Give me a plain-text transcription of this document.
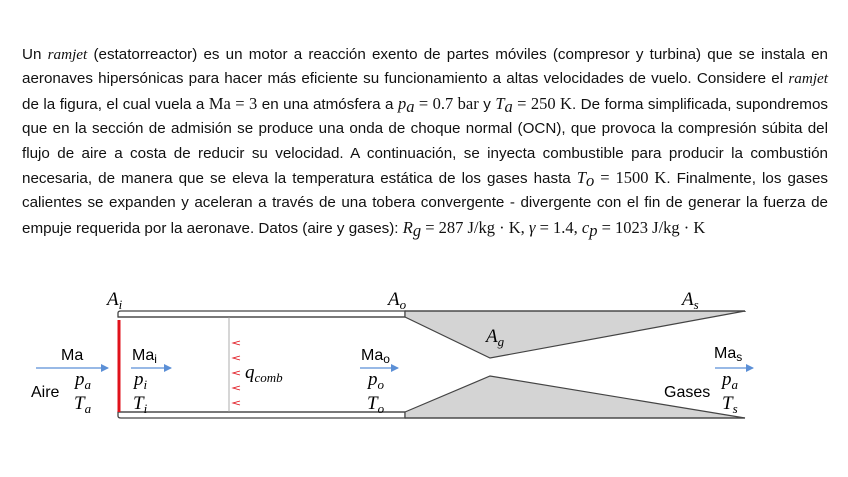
Un ramjet (estatorreactor) es un motor a reacción exento de partes móviles (compresor y turbina) que se instala en aeronaves hipersónicas para hacer más eficiente su funcionamiento a altas velocidades de vuelo. Considere el ramjet de la figura, el cual vuela a Ma = 3 en una atmósfera a $p_a = 0.7$ bar y $T_a = 250$ K. De forma simplificada, supondremos que en la sección de admisión se produce una onda de choque normal (OCN), que provoca la compresión súbita del flujo de aire a costa de reducir su velocidad. A continuación, se inyecta combustible para producir la combustión necesaria, de manera que se eleva la temperatura estática de los gases hasta $T_o = 1500$ K. Finalmente, los gases calientes se expanden y aceleran a través de una tobera convergente - divergente con el fin de generar la fuerza de empuje requerida por la aeronave. Datos (aire y gases): $R_g = 287$ J/kg · K, γ = 1.4, $c_p = 1023$ J/kg · K

$A_i$	$A_o$	$A_s$
$A_g$
Ma
$p_a$
Aire
$T_a$
Mai
$p_i$
$T_i$
$q_{comb}$
Mao
$p_o$
$T_o$
Mas
$p_a$
Gases
$T_s$
